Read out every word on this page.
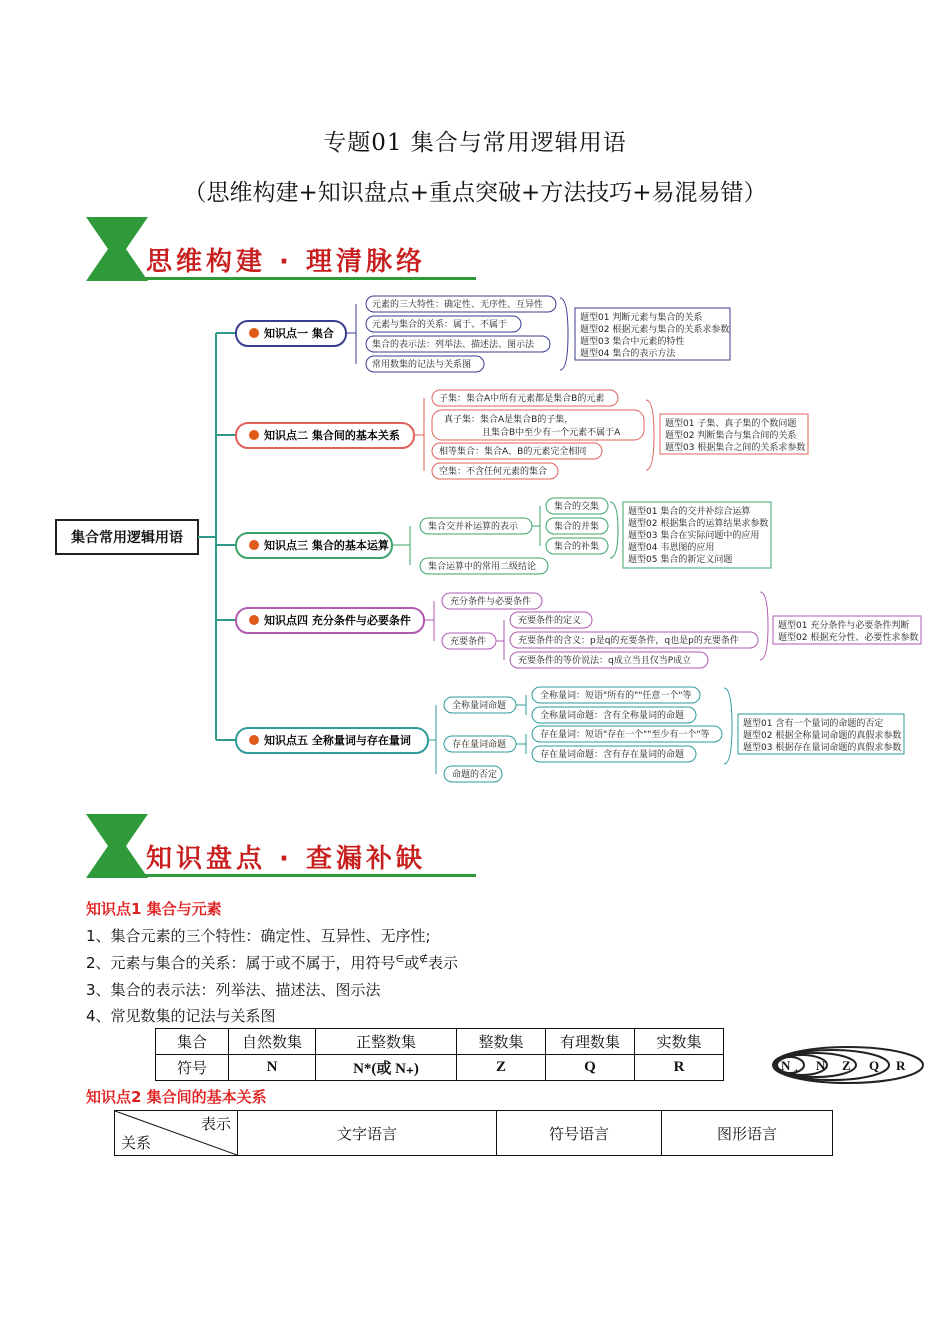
专题01 集合与常用逻辑用语
（思维构建+知识盘点+重点突破+方法技巧+易混易错）
思维构建 · 理清脉络
集合常用逻辑用语
知识点一 集合
元素的三大特性：确定性、无序性、互异性
元素与集合的关系：属于、不属于
集合的表示法：列举法、描述法、图示法
常用数集的记法与关系图
题型01 判断元素与集合的关系
题型02 根据元素与集合的关系求参数
题型03 集合中元素的特性
题型04 集合的表示方法
知识点二 集合间的基本关系
子集：集合A中所有元素都是集合B的元素
真子集：集合A是集合B的子集，
且集合B中至少有一个元素不属于A
相等集合：集合A、B的元素完全相同
空集：不含任何元素的集合
题型01 子集、真子集的个数问题
题型02 判断集合与集合间的关系
题型03 根据集合之间的关系求参数
知识点三 集合的基本运算
集合交并补运算的表示
集合运算中的常用二级结论
集合的交集
集合的并集
集合的补集
题型01 集合的交并补综合运算
题型02 根据集合的运算结果求参数
题型03 集合在实际问题中的应用
题型04 韦恩图的应用
题型05 集合的新定义问题
知识点四 充分条件与必要条件
充分条件与必要条件
充要条件
充要条件的定义
充要条件的含义：p是q的充要条件，q也是p的充要条件
充要条件的等价说法：q成立当且仅当P成立
题型01 充分条件与必要条件判断
题型02 根据充分性、必要性求参数
知识点五 全称量词与存在量词
全称量词命题
存在量词命题
命题的否定
全称量词：短语"所有的""任意一个"等
全称量词命题：含有全称量词的命题
存在量词：短语"存在一个""至少有一个"等
存在量词命题：含有存在量词的命题
题型01 含有一个量词的命题的否定
题型02 根据全称量词命题的真假求参数
题型03 根据存在量词命题的真假求参数
知识盘点 · 查漏补缺
知识点1 集合与元素
1、集合元素的三个特性：确定性、互异性、无序性;
2、元素与集合的关系：属于或不属于，用符号∈或∉表示
3、集合的表示法：列举法、描述法、图示法
4、常见数集的记法与关系图
集合	自然数集	正整数集	整数集	有理数集	实数集
符号	N	N*(或 N₊)	Z	Q	R	N + N Z Q R
知识点2 集合间的基本关系
表示
关系
	文字语言	符号语言	图形语言
